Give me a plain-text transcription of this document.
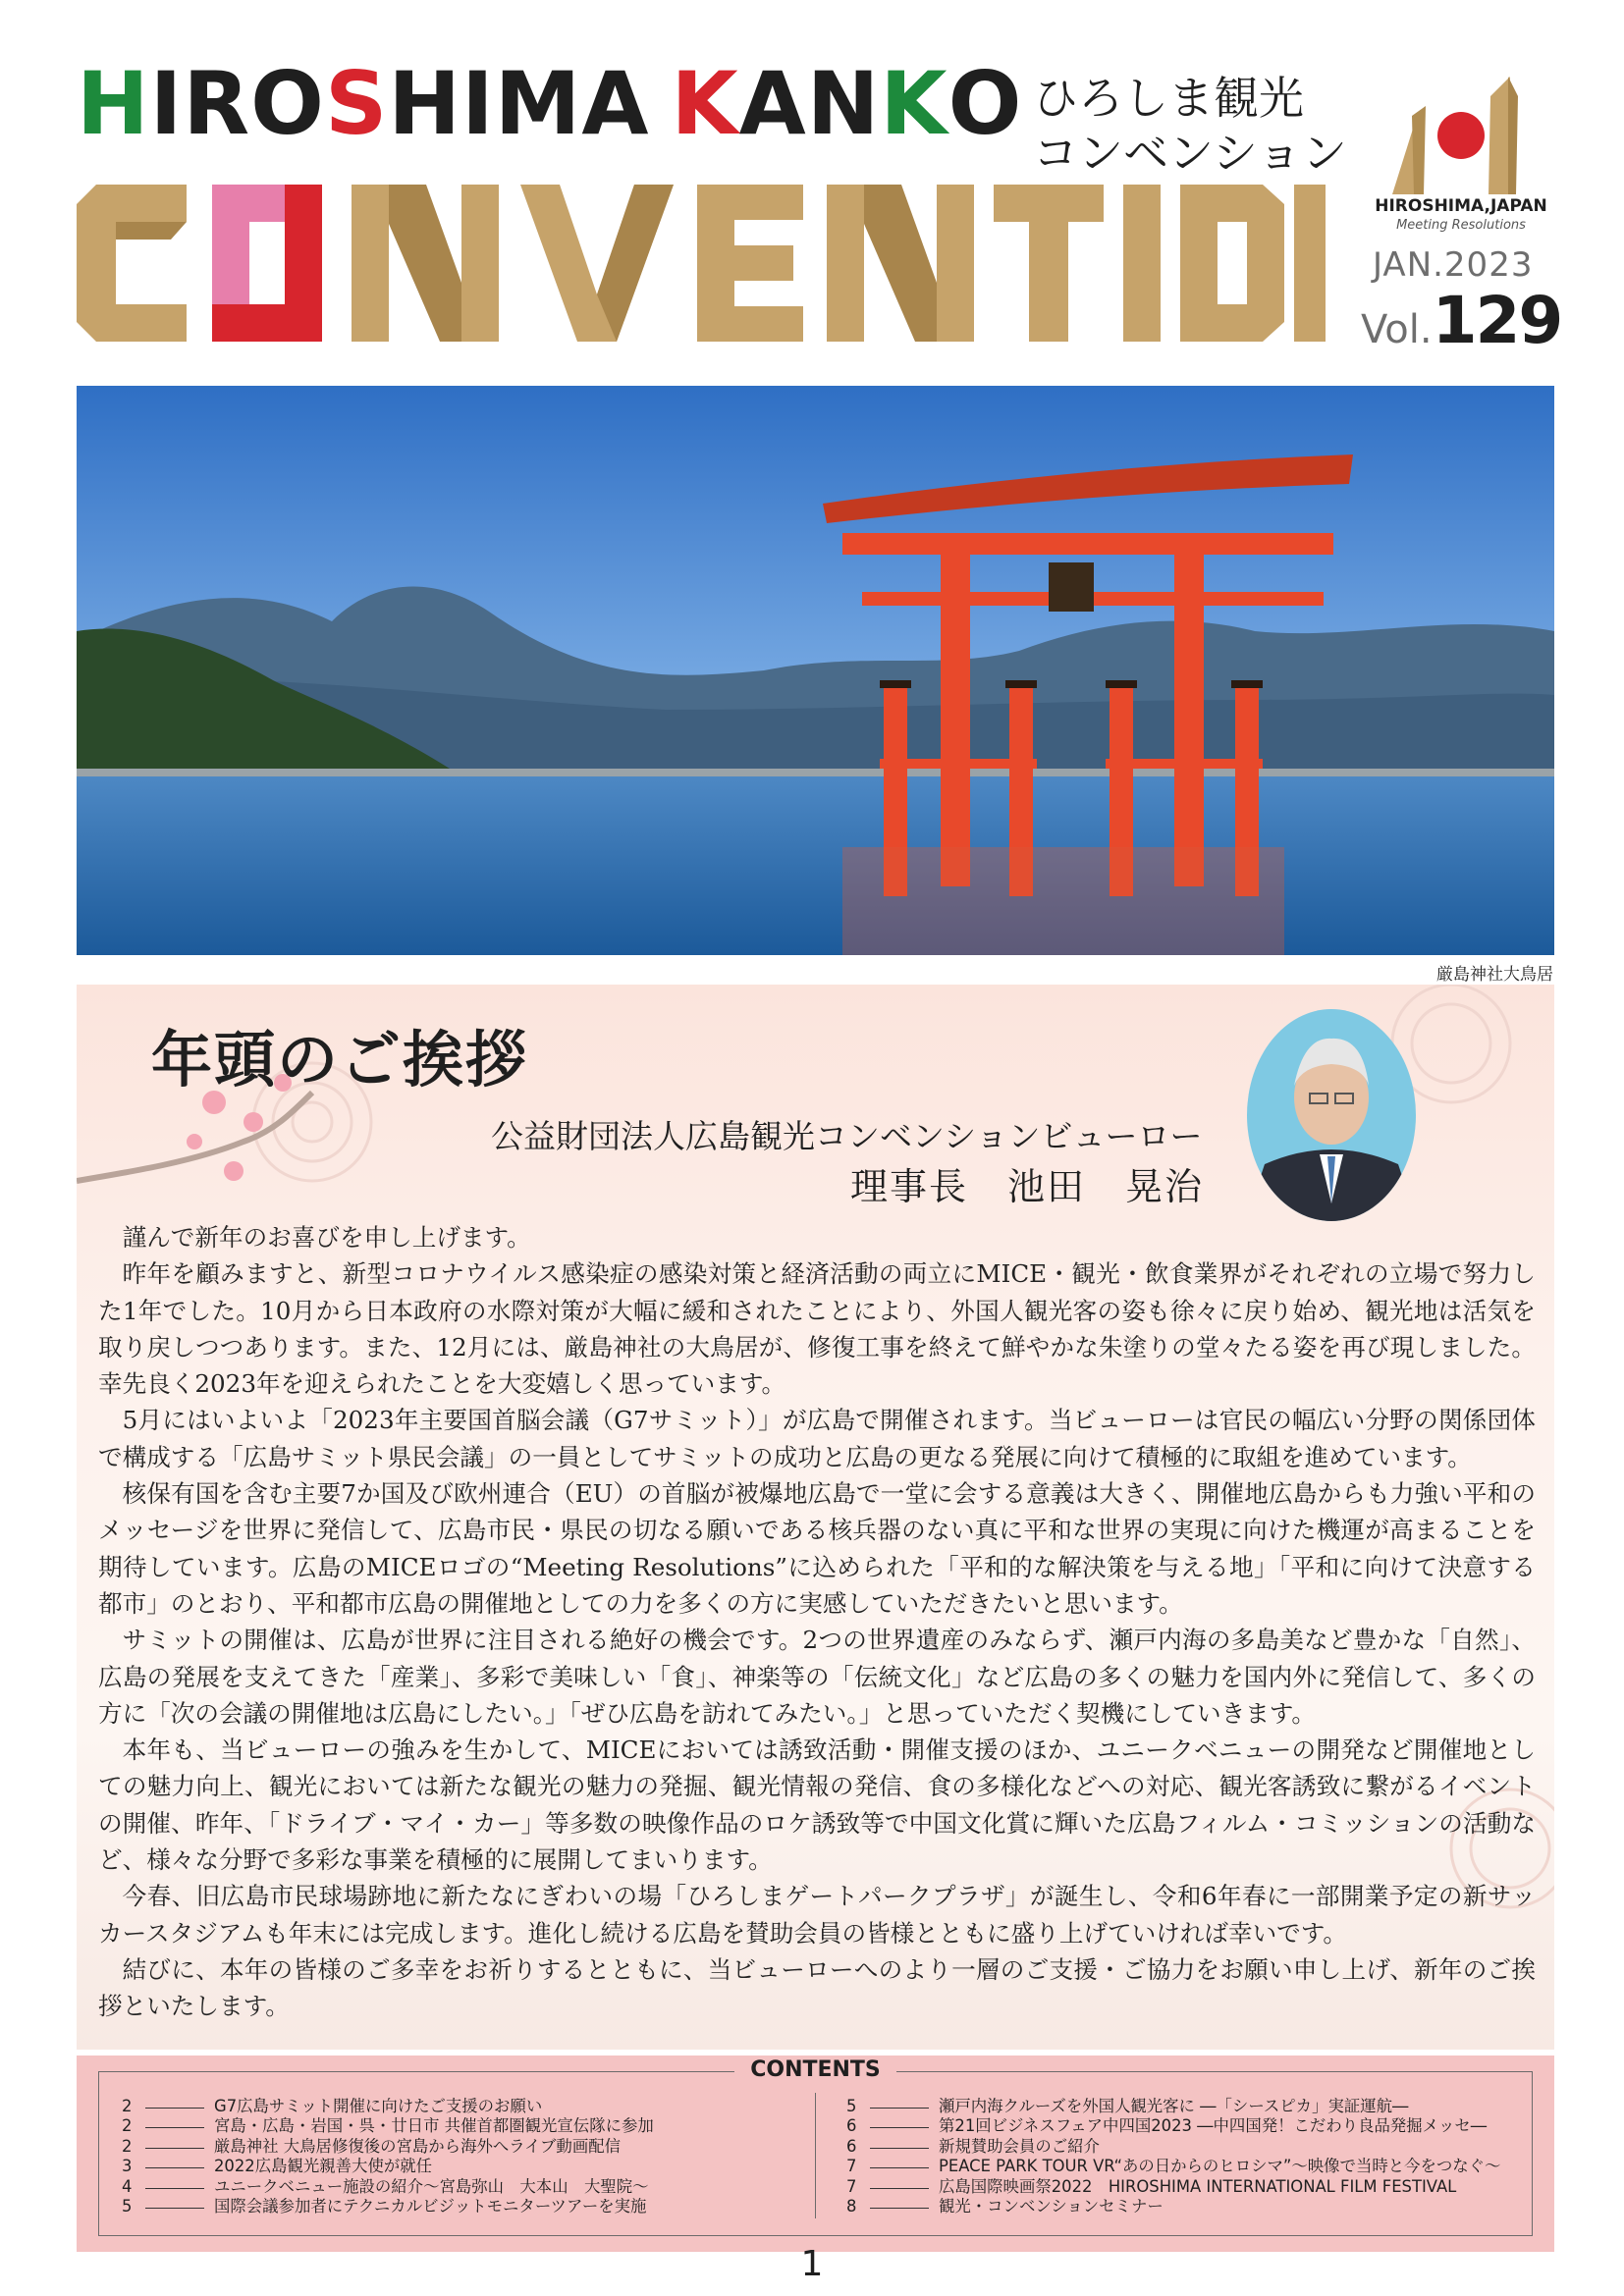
HIROSHIMAKANKO ひろしま観光
コンベンション
HIROSHIMA,JAPAN
Meeting Resolutions
JAN.2023
Vol.129
厳島神社大鳥居
年頭のご挨拶
公益財団法人広島観光コンベンションビューロー
理事長　池田　晃治

謹んで新年のお喜びを申し上げます。

昨年を顧みますと、新型コロナウイルス感染症の感染対策と経済活動の両立にMICE・観光・飲食業界がそれぞれの立場で努力した1年でした。10月から日本政府の水際対策が大幅に緩和されたことにより、外国人観光客の姿も徐々に戻り始め、観光地は活気を取り戻しつつあります。また、12月には、厳島神社の大鳥居が、修復工事を終えて鮮やかな朱塗りの堂々たる姿を再び現しました。幸先良く2023年を迎えられたことを大変嬉しく思っています。

5月にはいよいよ「2023年主要国首脳会議（G7サミット）」が広島で開催されます。当ビューローは官民の幅広い分野の関係団体で構成する「広島サミット県民会議」の一員としてサミットの成功と広島の更なる発展に向けて積極的に取組を進めています。

核保有国を含む主要7か国及び欧州連合（EU）の首脳が被爆地広島で一堂に会する意義は大きく、開催地広島からも力強い平和のメッセージを世界に発信して、広島市民・県民の切なる願いである核兵器のない真に平和な世界の実現に向けた機運が高まることを期待しています。広島のMICEロゴの“Meeting Resolutions”に込められた「平和的な解決策を与える地」「平和に向けて決意する都市」のとおり、平和都市広島の開催地としての力を多くの方に実感していただきたいと思います。

サミットの開催は、広島が世界に注目される絶好の機会です。2つの世界遺産のみならず、瀬戸内海の多島美など豊かな「自然」、広島の発展を支えてきた「産業」、多彩で美味しい「食」、神楽等の「伝統文化」など広島の多くの魅力を国内外に発信して、多くの方に「次の会議の開催地は広島にしたい。」「ぜひ広島を訪れてみたい。」と思っていただく契機にしていきます。

本年も、当ビューローの強みを生かして、MICEにおいては誘致活動・開催支援のほか、ユニークベニューの開発など開催地としての魅力向上、観光においては新たな観光の魅力の発掘、観光情報の発信、食の多様化などへの対応、観光客誘致に繋がるイベントの開催、昨年、「ドライブ・マイ・カー」等多数の映像作品のロケ誘致等で中国文化賞に輝いた広島フィルム・コミッションの活動など、様々な分野で多彩な事業を積極的に展開してまいります。

今春、旧広島市民球場跡地に新たなにぎわいの場「ひろしまゲートパークプラザ」が誕生し、令和6年春に一部開業予定の新サッカースタジアムも年末には完成します。進化し続ける広島を賛助会員の皆様とともに盛り上げていければ幸いです。

結びに、本年の皆様のご多幸をお祈りするとともに、当ビューローへのより一層のご支援・ご協力をお願い申し上げ、新年のご挨拶といたします。

CONTENTS
2	G7広島サミット開催に向けたご支援のお願い
2	宮島・広島・岩国・呉・廿日市 共催首都圏観光宣伝隊に参加
2	厳島神社 大鳥居修復後の宮島から海外へライブ動画配信
3	2022広島観光親善大使が就任
4	ユニークベニュー施設の紹介～宮島弥山　大本山　大聖院～
5	国際会議参加者にテクニカルビジットモニターツアーを実施
5	瀬戸内海クルーズを外国人観光客に ―「シースピカ」実証運航―
6	第21回ビジネスフェア中四国2023 ―中四国発！こだわり良品発掘メッセ―
6	新規賛助会員のご紹介
7	PEACE PARK TOUR VR“あの日からのヒロシマ”～映像で当時と今をつなぐ～
7	広島国際映画祭2022　HIROSHIMA INTERNATIONAL FILM FESTIVAL
8	観光・コンベンションセミナー
1
